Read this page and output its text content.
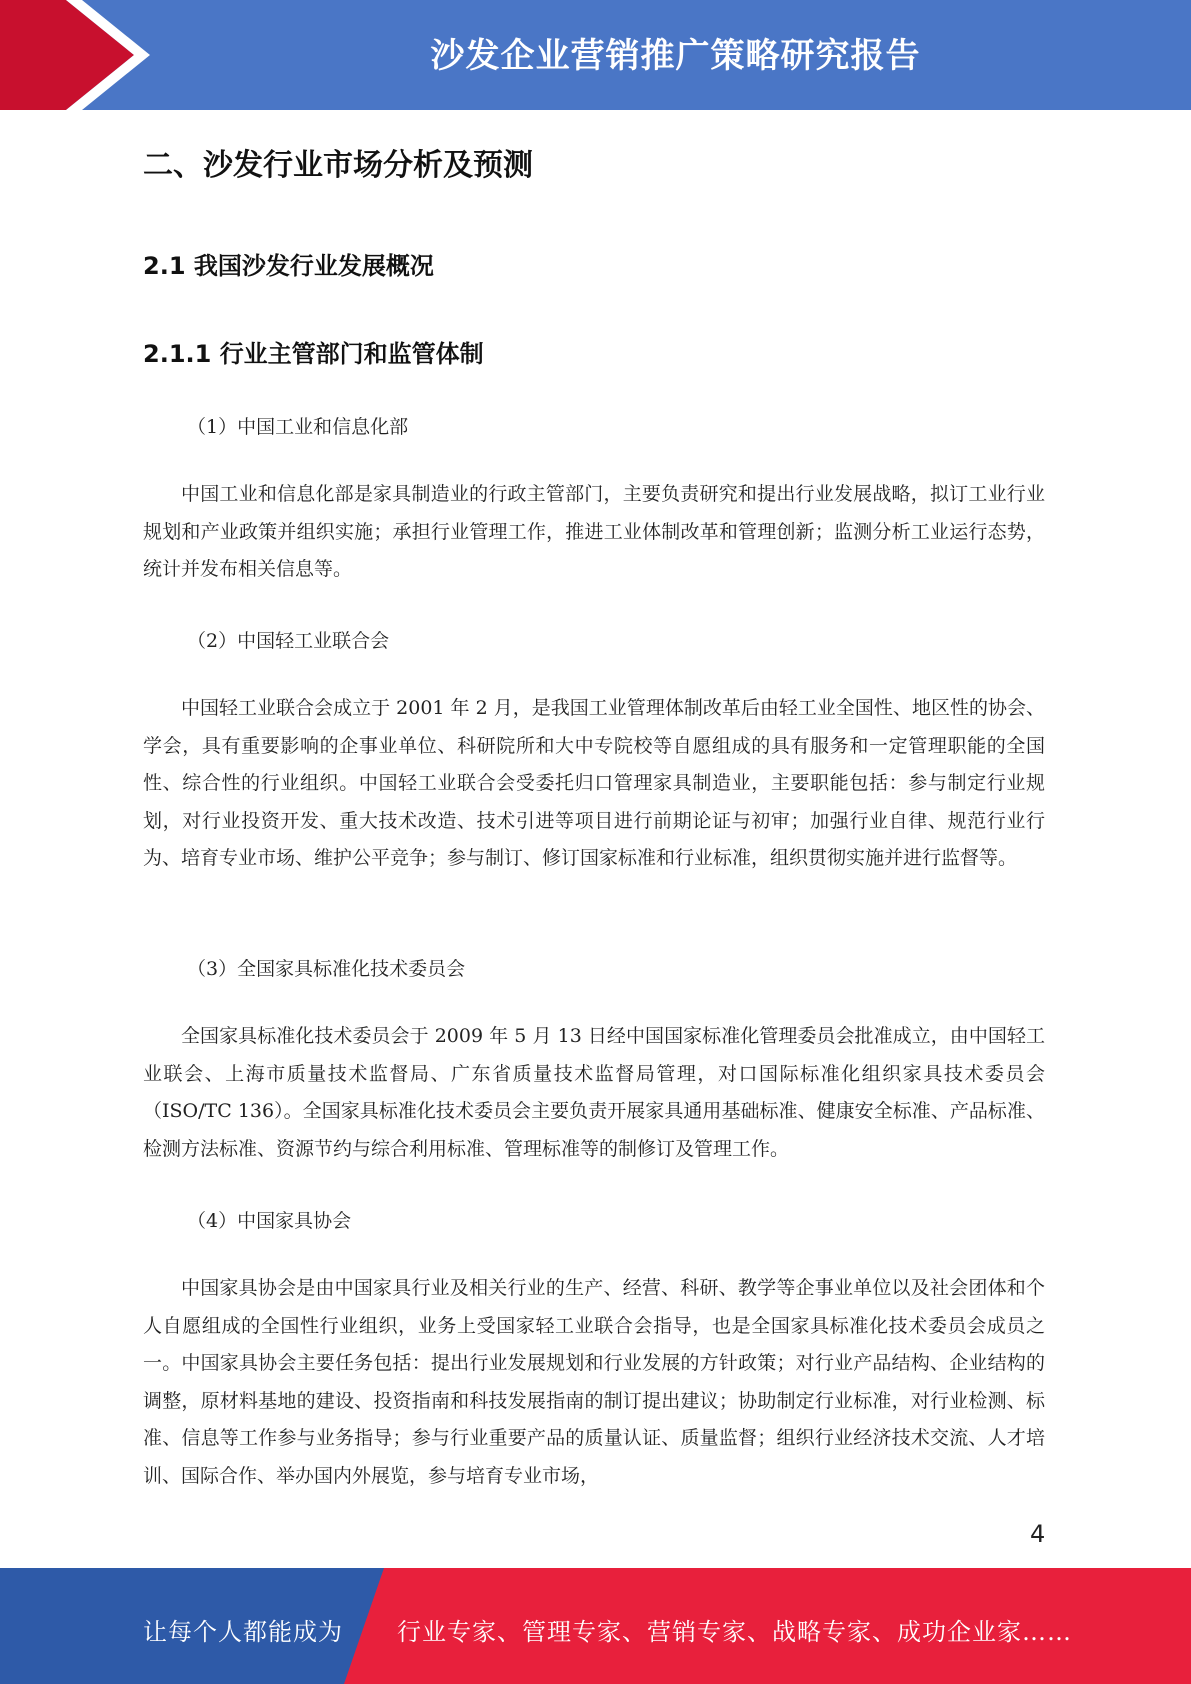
沙发企业营销推广策略研究报告
二、沙发行业市场分析及预测
2.1 我国沙发行业发展概况
2.1.1 行业主管部门和监管体制

（1）中国工业和信息化部

中国工业和信息化部是家具制造业的行政主管部门，主要负责研究和提出行业发展战略，拟订工业行业规划和产业政策并组织实施；承担行业管理工作，推进工业体制改革和管理创新；监测分析工业运行态势，统计并发布相关信息等。

（2）中国轻工业联合会

中国轻工业联合会成立于 2001 年 2 月，是我国工业管理体制改革后由轻工业全国性、地区性的协会、学会，具有重要影响的企事业单位、科研院所和大中专院校等自愿组成的具有服务和一定管理职能的全国性、综合性的行业组织。中国轻工业联合会受委托归口管理家具制造业，主要职能包括：参与制定行业规划，对行业投资开发、重大技术改造、技术引进等项目进行前期论证与初审；加强行业自律、规范行业行为、培育专业市场、维护公平竞争；参与制订、修订国家标准和行业标准，组织贯彻实施并进行监督等。

（3）全国家具标准化技术委员会

全国家具标准化技术委员会于 2009 年 5 月 13 日经中国国家标准化管理委员会批准成立，由中国轻工业联会、上海市质量技术监督局、广东省质量技术监督局管理，对口国际标准化组织家具技术委员会（ISO/TC 136）。全国家具标准化技术委员会主要负责开展家具通用基础标准、健康安全标准、产品标准、检测方法标准、资源节约与综合利用标准、管理标准等的制修订及管理工作。

（4）中国家具协会

中国家具协会是由中国家具行业及相关行业的生产、经营、科研、教学等企事业单位以及社会团体和个人自愿组成的全国性行业组织，业务上受国家轻工业联合会指导，也是全国家具标准化技术委员会成员之一。中国家具协会主要任务包括：提出行业发展规划和行业发展的方针政策；对行业产品结构、企业结构的调整，原材料基地的建设、投资指南和科技发展指南的制订提出建议；协助制定行业标准，对行业检测、标准、信息等工作参与业务指导；参与行业重要产品的质量认证、质量监督；组织行业经济技术交流、人才培训、国际合作、举办国内外展览，参与培育专业市场，

4
让每个人都能成为 行业专家、管理专家、营销专家、战略专家、成功企业家……
